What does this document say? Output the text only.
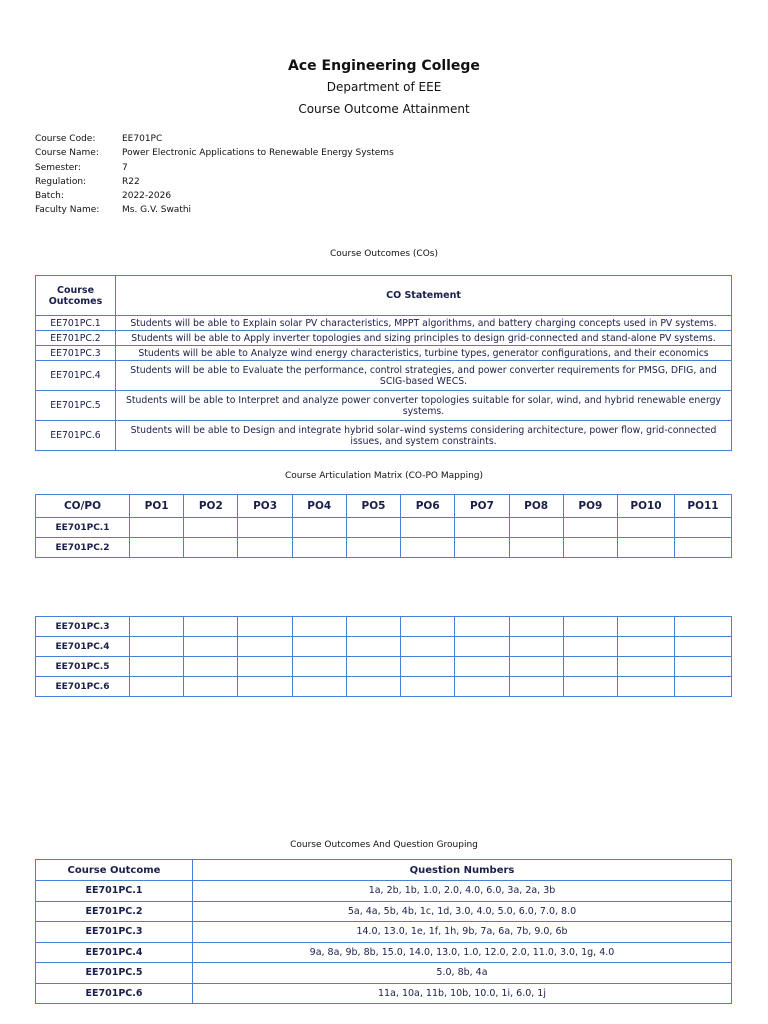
Ace Engineering College
Department of EEE
Course Outcome Attainment
Course Code:	EE701PC
Course Name:	Power Electronic Applications to Renewable Energy Systems
Semester:	7
Regulation:	R22
Batch:	2022-2026
Faculty Name:	Ms. G.V. Swathi
Course Outcomes (COs)
Course Outcomes	CO Statement
EE701PC.1	Students will be able to Explain solar PV characteristics, MPPT algorithms, and battery charging concepts used in PV systems.
EE701PC.2	Students will be able to Apply inverter topologies and sizing principles to design grid-connected and stand-alone PV systems.
EE701PC.3	Students will be able to Analyze wind energy characteristics, turbine types, generator configurations, and their economics
EE701PC.4	Students will be able to Evaluate the performance, control strategies, and power converter requirements for PMSG, DFIG, and SCIG-based WECS.
EE701PC.5	Students will be able to Interpret and analyze power converter topologies suitable for solar, wind, and hybrid renewable energy systems.
EE701PC.6	Students will be able to Design and integrate hybrid solar–wind systems considering architecture, power flow, grid-connected issues, and system constraints.
Course Articulation Matrix (CO-PO Mapping)
CO/PO	PO1	PO2	PO3	PO4	PO5	PO6	PO7	PO8	PO9	PO10	PO11
EE701PC.1											
EE701PC.2											
EE701PC.3											
EE701PC.4											
EE701PC.5											
EE701PC.6											
Course Outcomes And Question Grouping
Course Outcome	Question Numbers
EE701PC.1	1a, 2b, 1b, 1.0, 2.0, 4.0, 6.0, 3a, 2a, 3b
EE701PC.2	5a, 4a, 5b, 4b, 1c, 1d, 3.0, 4.0, 5.0, 6.0, 7.0, 8.0
EE701PC.3	14.0, 13.0, 1e, 1f, 1h, 9b, 7a, 6a, 7b, 9.0, 6b
EE701PC.4	9a, 8a, 9b, 8b, 15.0, 14.0, 13.0, 1.0, 12.0, 2.0, 11.0, 3.0, 1g, 4.0
EE701PC.5	5.0, 8b, 4a
EE701PC.6	11a, 10a, 11b, 10b, 10.0, 1i, 6.0, 1j
